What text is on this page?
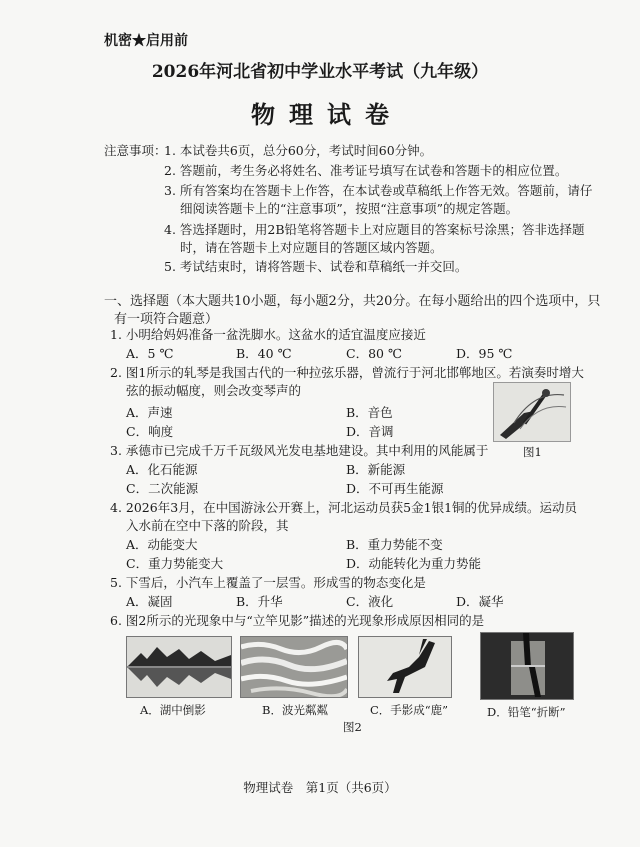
机密★启用前
2026年河北省初中学业水平考试（九年级）
物理试卷
注意事项：
1. 本试卷共6页，总分60分，考试时间60分钟。
2. 答题前，考生务必将姓名、准考证号填写在试卷和答题卡的相应位置。
3. 所有答案均在答题卡上作答，在本试卷或草稿纸上作答无效。答题前，请仔
细阅读答题卡上的“注意事项”，按照“注意事项”的规定答题。
4. 答选择题时，用2B铅笔将答题卡上对应题目的答案标号涂黑；答非选择题
时，请在答题卡上对应题目的答题区域内答题。
5. 考试结束时，请将答题卡、试卷和草稿纸一并交回。
一、选择题（本大题共10小题，每小题2分，共20分。在每小题给出的四个选项中，只
有一项符合题意）
1. 小明给妈妈准备一盆洗脚水。这盆水的适宜温度应接近
A．5 ℃	B．40 ℃	C．80 ℃	D．95 ℃
2. 图1所示的轧琴是我国古代的一种拉弦乐器，曾流行于河北邯郸地区。若演奏时增大
弦的振动幅度，则会改变琴声的
A．声速	B．音色
C．响度	D．音调
图1
3. 承德市已完成千万千瓦级风光发电基地建设。其中利用的风能属于
A．化石能源	B．新能源
C．二次能源	D．不可再生能源
4. 2026年3月，在中国游泳公开赛上，河北运动员获5金1银1铜的优异成绩。运动员
入水前在空中下落的阶段，其
A．动能变大	B．重力势能不变
C．重力势能变大	D．动能转化为重力势能
5. 下雪后，小汽车上覆盖了一层雪。形成雪的物态变化是
A．凝固	B．升华	C．液化	D．凝华
6. 图2所示的光现象中与“立竿见影”描述的光现象形成原因相同的是
A．湖中倒影	B．波光粼粼	C．手影成“鹿”	D．铅笔“折断”
图2
物理试卷　第1页（共6页）
